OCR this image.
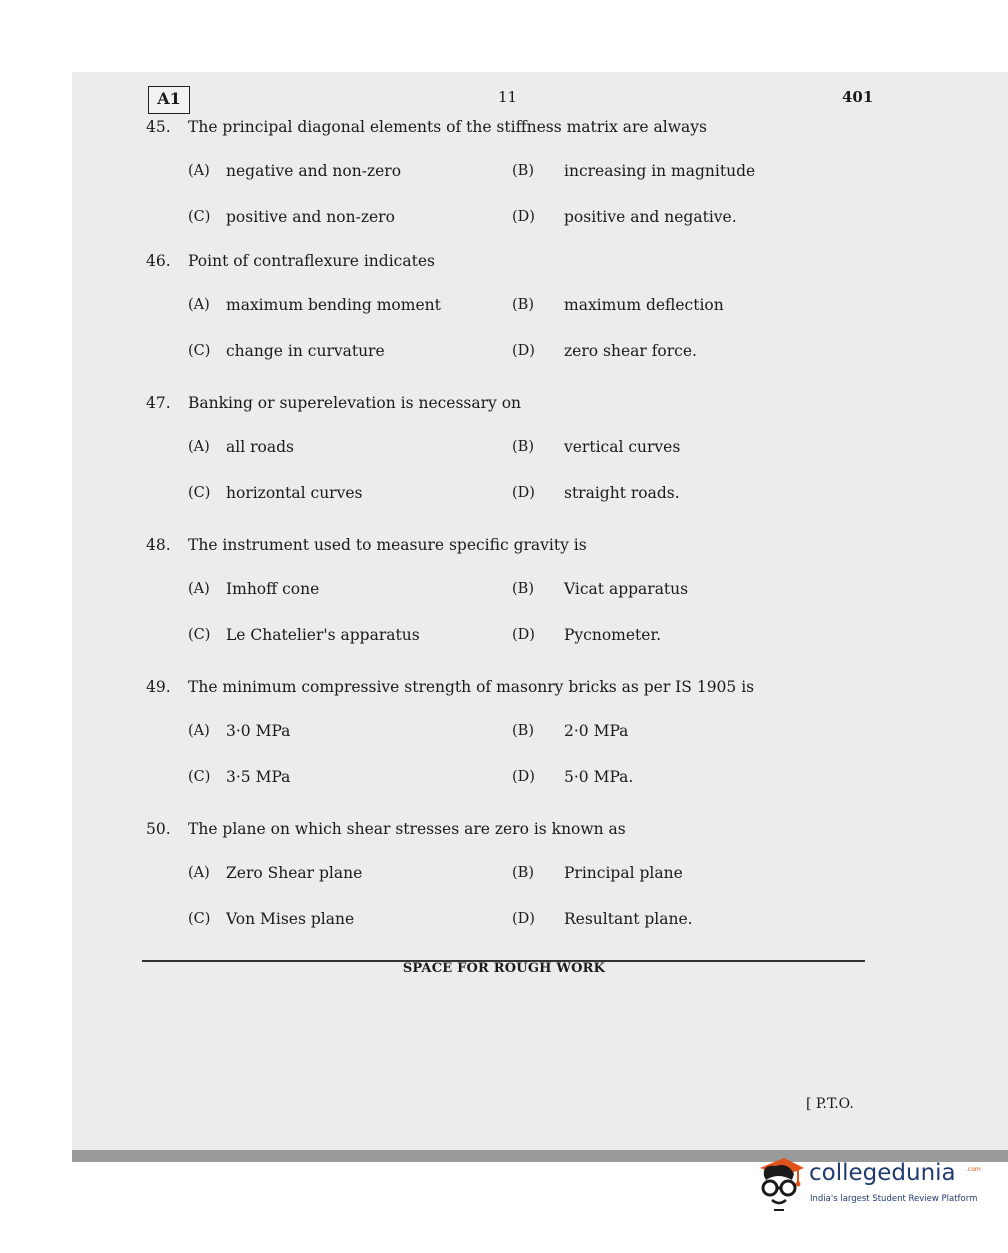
A1	11	401
45. The principal diagonal elements of the stiffness matrix are always
(A) negative and non-zero	(B) increasing in magnitude
(C) positive and non-zero	(D) positive and negative.
46. Point of contraflexure indicates
(A) maximum bending moment	(B) maximum deflection
(C) change in curvature	(D) zero shear force.
47. Banking or superelevation is necessary on
(A) all roads	(B) vertical curves
(C) horizontal curves	(D) straight roads.
48. The instrument used to measure specific gravity is
(A) Imhoff cone	(B) Vicat apparatus
(C) Le Chatelier's apparatus	(D) Pycnometer.
49. The minimum compressive strength of masonry bricks as per IS 1905 is
(A) 3·0 MPa	(B) 2·0 MPa
(C) 3·5 MPa	(D) 5·0 MPa.
50. The plane on which shear stresses are zero is known as
(A) Zero Shear plane	(B) Principal plane
(C) Von Mises plane	(D) Resultant plane.
SPACE FOR ROUGH WORK
[ P.T.O.
collegedunia .com
India's largest Student Review Platform
